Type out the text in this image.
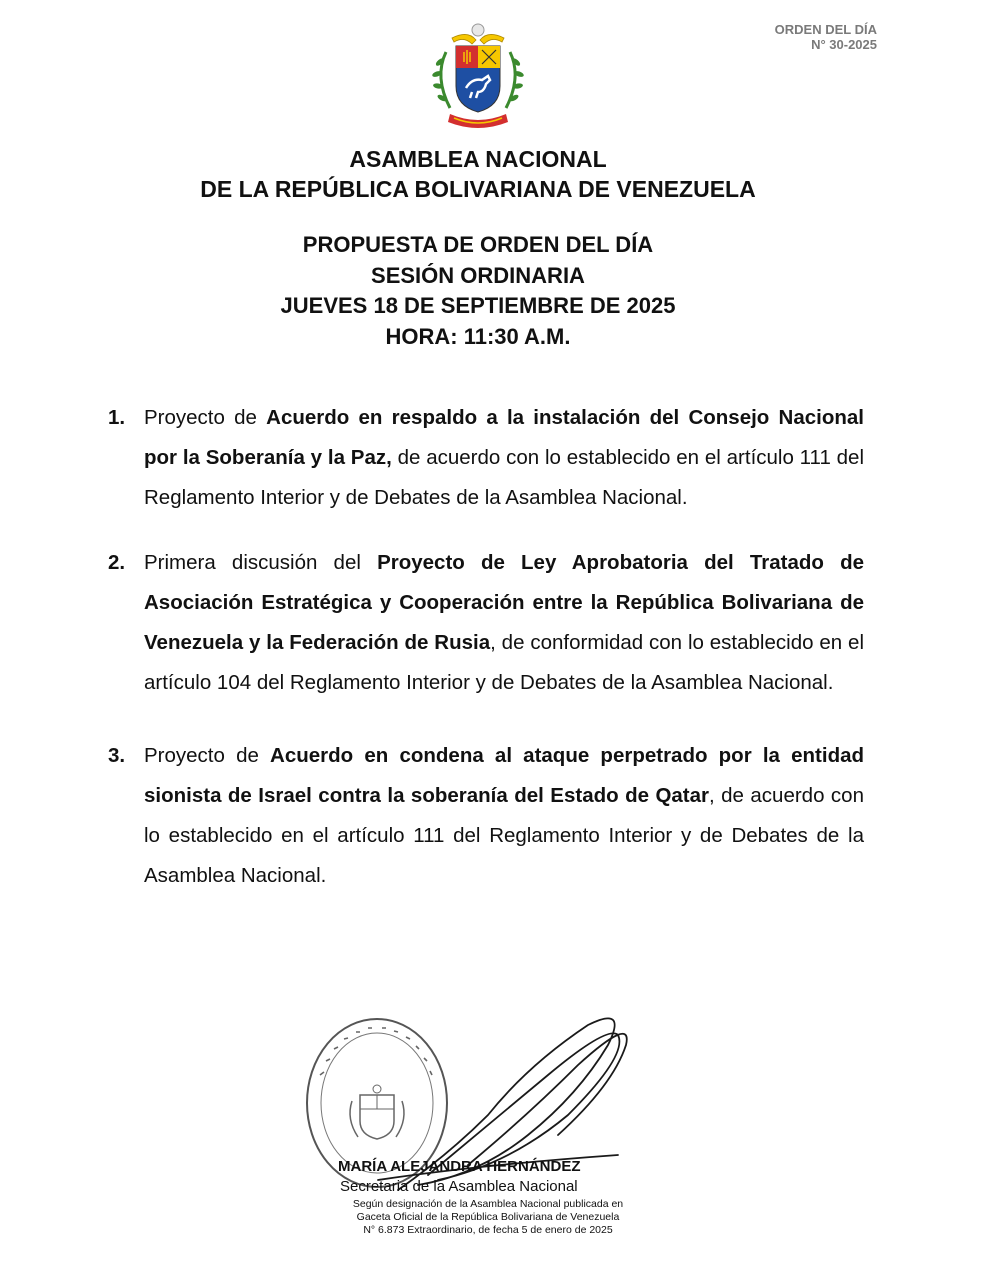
ORDEN DEL DÍA
N° 30-2025
ASAMBLEA NACIONAL
DE LA REPÚBLICA BOLIVARIANA DE VENEZUELA
PROPUESTA DE ORDEN DEL DÍA
SESIÓN ORDINARIA
JUEVES 18 DE SEPTIEMBRE DE 2025
HORA: 11:30 A.M.
1. Proyecto de Acuerdo en respaldo a la instalación del Consejo Nacional por la Soberanía y la Paz, de acuerdo con lo establecido en el artículo 111 del Reglamento Interior y de Debates de la Asamblea Nacional.
2. Primera discusión del Proyecto de Ley Aprobatoria del Tratado de Asociación Estratégica y Cooperación entre la República Bolivariana de Venezuela y la Federación de Rusia, de conformidad con lo establecido en el artículo 104 del Reglamento Interior y de Debates de la Asamblea Nacional.
3. Proyecto de Acuerdo en condena al ataque perpetrado por la entidad sionista de Israel contra la soberanía del Estado de Qatar, de acuerdo con lo establecido en el artículo 111 del Reglamento Interior y de Debates de la Asamblea Nacional.
MARÍA ALEJANDRA HERNÁNDEZ
Secretaria de la Asamblea Nacional
Según designación de la Asamblea Nacional publicada en
Gaceta Oficial de la República Bolivariana de Venezuela
N° 6.873 Extraordinario, de fecha 5 de enero de 2025
